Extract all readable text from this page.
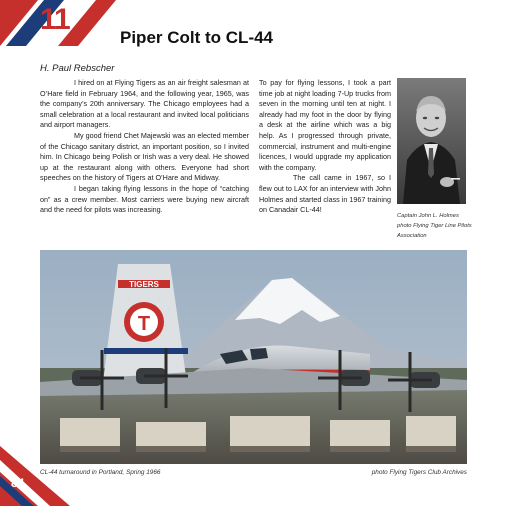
11
Piper Colt to CL-44
H. Paul Rebscher

I hired on at Flying Tigers as an air freight salesman at O’Hare field in February 1964, and the following year, 1965, was the company’s 20th anniversary. The Chicago employees had a small celebration at a local restaurant and invited local politicians and airport managers.

My good friend Chet Majewski was an elected member of the Chicago sanitary district, an important position, so I invited him. In Chicago being Polish or Irish was a very deal. He showed up at the restaurant along with others. Everyone had short speeches on the history of Tigers at O’Hare and Midway.

I began taking flying lessons in the hope of “catching on” as a crew member. Most carriers were buying new aircraft and the need for pilots was increasing.

To pay for flying lessons, I took a part time job at night loading 7-Up trucks from seven in the morning until ten at night. I already had my foot in the door by flying a desk at the airline which was a big help. As I progressed through private, commercial, instrument and multi-engine licences, I would upgrade my application with the company.

The call came in 1967, so I flew out to LAX for an interview with John Holmes and started class in 1967 training on Canadair CL-44!

Captain John L. Holmes photo Flying Tiger Line Pilots Association
TIGERS
T
CL-44 turnaround in Portland, Spring 1966	photo Flying Tigers Club Archives
84
